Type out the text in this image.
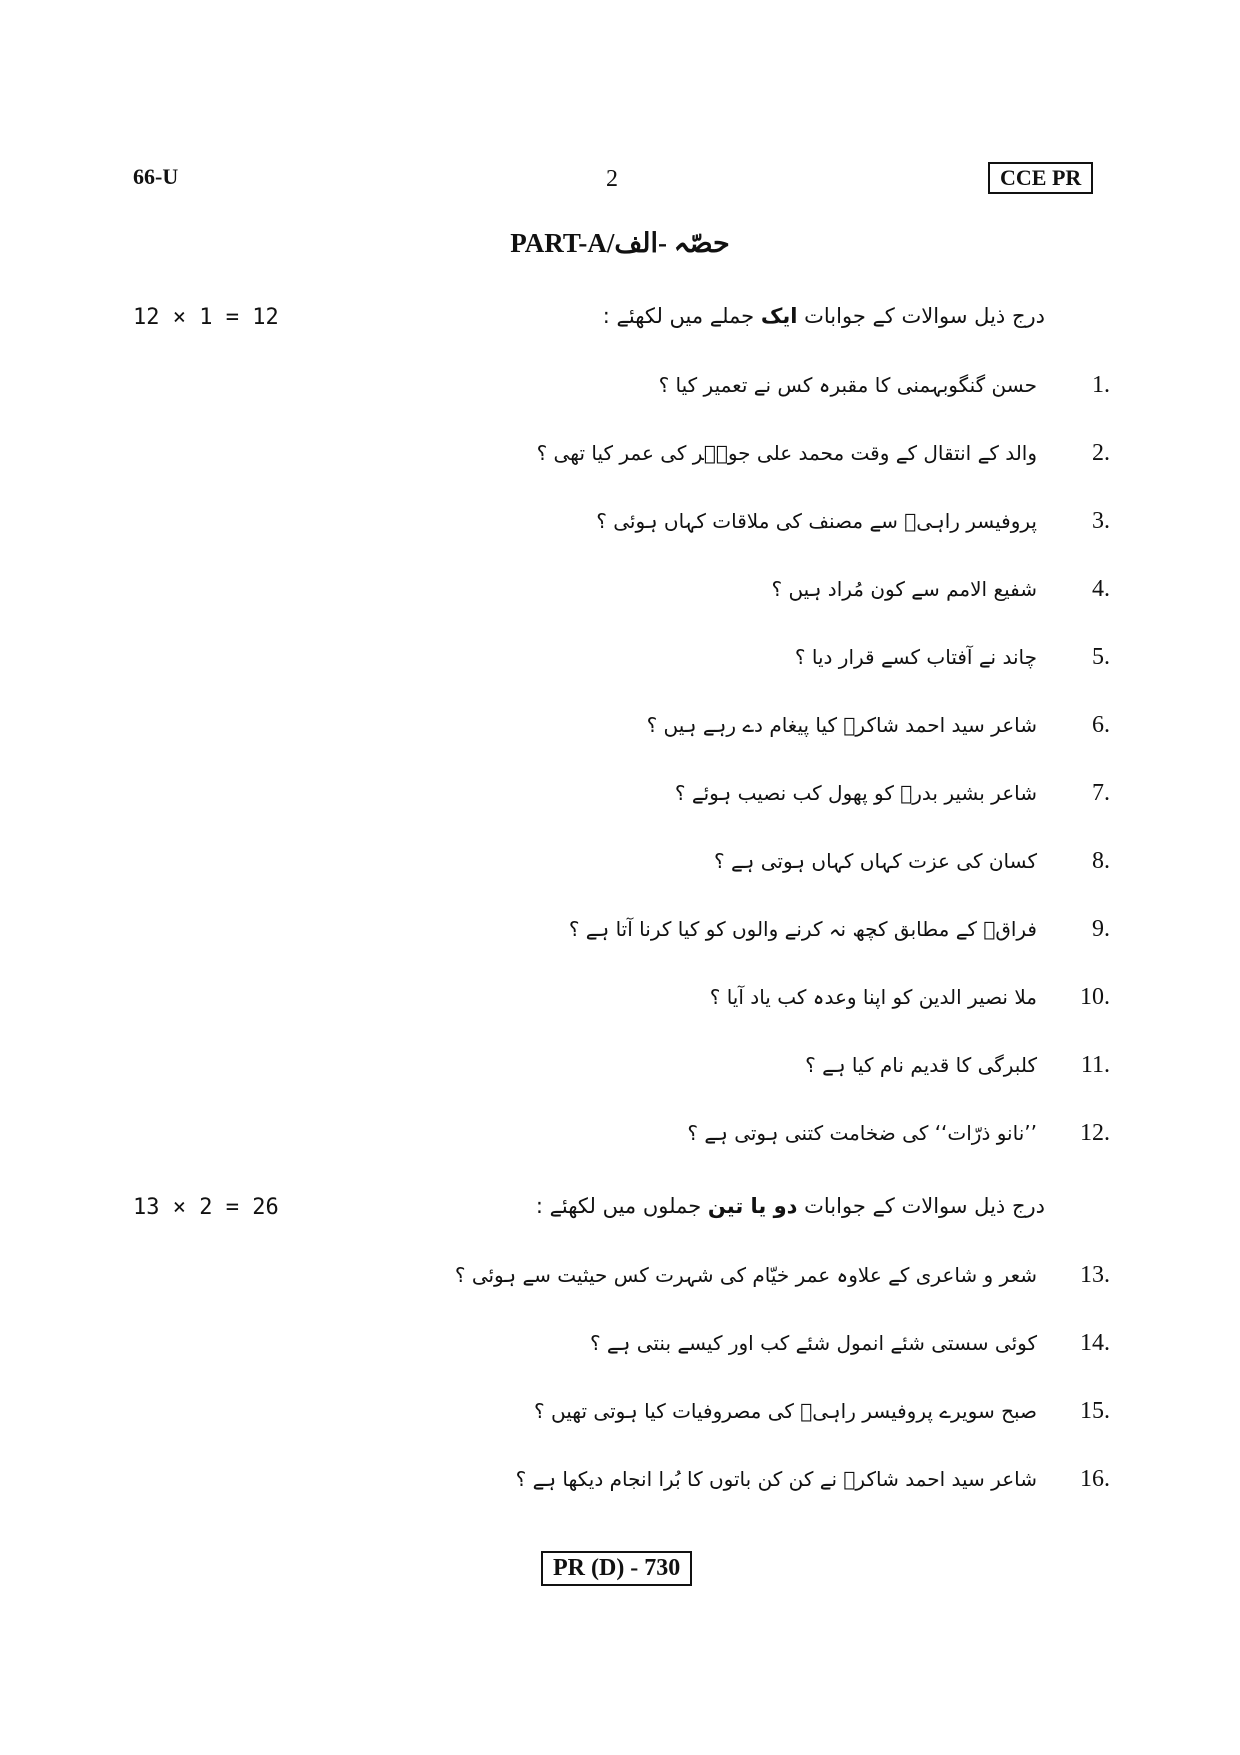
66-U	2	CCE PR
PART-A/حصّہ -الف
12 × 1 = 12	درج ذیل سوالات کے جوابات ایک جملے میں لکھئے :
1.
حسن گنگوبہمنی کا مقبرہ کس نے تعمیر کیا ؟
2.
والد کے انتقال کے وقت محمد علی جوہؔر کی عمر کیا تھی ؟
3.
پروفیسر راہیؔ سے مصنف کی ملاقات کہاں ہوئی ؟
4.
شفیع الامم سے کون مُراد ہیں ؟
5.
چاند نے آفتاب کسے قرار دیا ؟
6.
شاعر سید احمد شاکرؔ کیا پیغام دے رہے ہیں ؟
7.
شاعر بشیر بدرؔ کو پھول کب نصیب ہوئے ؟
8.
کسان کی عزت کہاں کہاں ہوتی ہے ؟
9.
فراقؔ کے مطابق کچھ نہ کرنے والوں کو کیا کرنا آتا ہے ؟
10.
ملا نصیر الدین کو اپنا وعدہ کب یاد آیا ؟
11.
کلبرگی کا قدیم نام کیا ہے ؟
12.
’’نانو ذرّات‘‘ کی ضخامت کتنی ہوتی ہے ؟
13 × 2 = 26	درج ذیل سوالات کے جوابات دو یا تین جملوں میں لکھئے :
13.
شعر و شاعری کے علاوہ عمر خیّام کی شہرت کس حیثیت سے ہوئی ؟
14.
کوئی سستی شئے انمول شئے کب اور کیسے بنتی ہے ؟
15.
صبح سویرے پروفیسر راہیؔ کی مصروفیات کیا ہوتی تھیں ؟
16.
شاعر سید احمد شاکرؔ نے کن کن باتوں کا بُرا انجام دیکھا ہے ؟
PR (D) - 730
